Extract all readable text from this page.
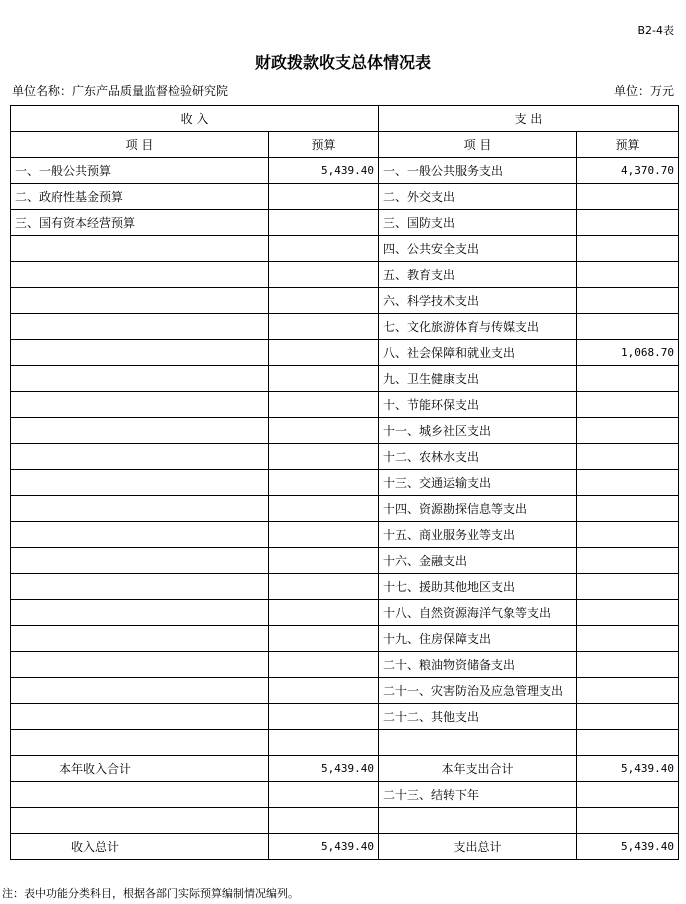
B2-4表
财政拨款收支总体情况表
单位名称：广东产品质量监督检验研究院	单位：万元
收 入		支 出	
项 目	预算	项 目	预算
一、一般公共预算	5,439.40	一、一般公共服务支出	4,370.70
二、政府性基金预算		二、外交支出	
三、国有资本经营预算		三、国防支出	
		四、公共安全支出	
		五、教育支出	
		六、科学技术支出	
		七、文化旅游体育与传媒支出	
		八、社会保障和就业支出	1,068.70
		九、卫生健康支出	
		十、节能环保支出	
		十一、城乡社区支出	
		十二、农林水支出	
		十三、交通运输支出	
		十四、资源勘探信息等支出	
		十五、商业服务业等支出	
		十六、金融支出	
		十七、援助其他地区支出	
		十八、自然资源海洋气象等支出	
		十九、住房保障支出	
		二十、粮油物资储备支出	
		二十一、灾害防治及应急管理支出	
		二十二、其他支出	

本年收入合计	5,439.40	本年支出合计	5,439.40
		二十三、结转下年	

收入总计	5,439.40	支出总计	5,439.40
注：表中功能分类科目，根据各部门实际预算编制情况编列。
